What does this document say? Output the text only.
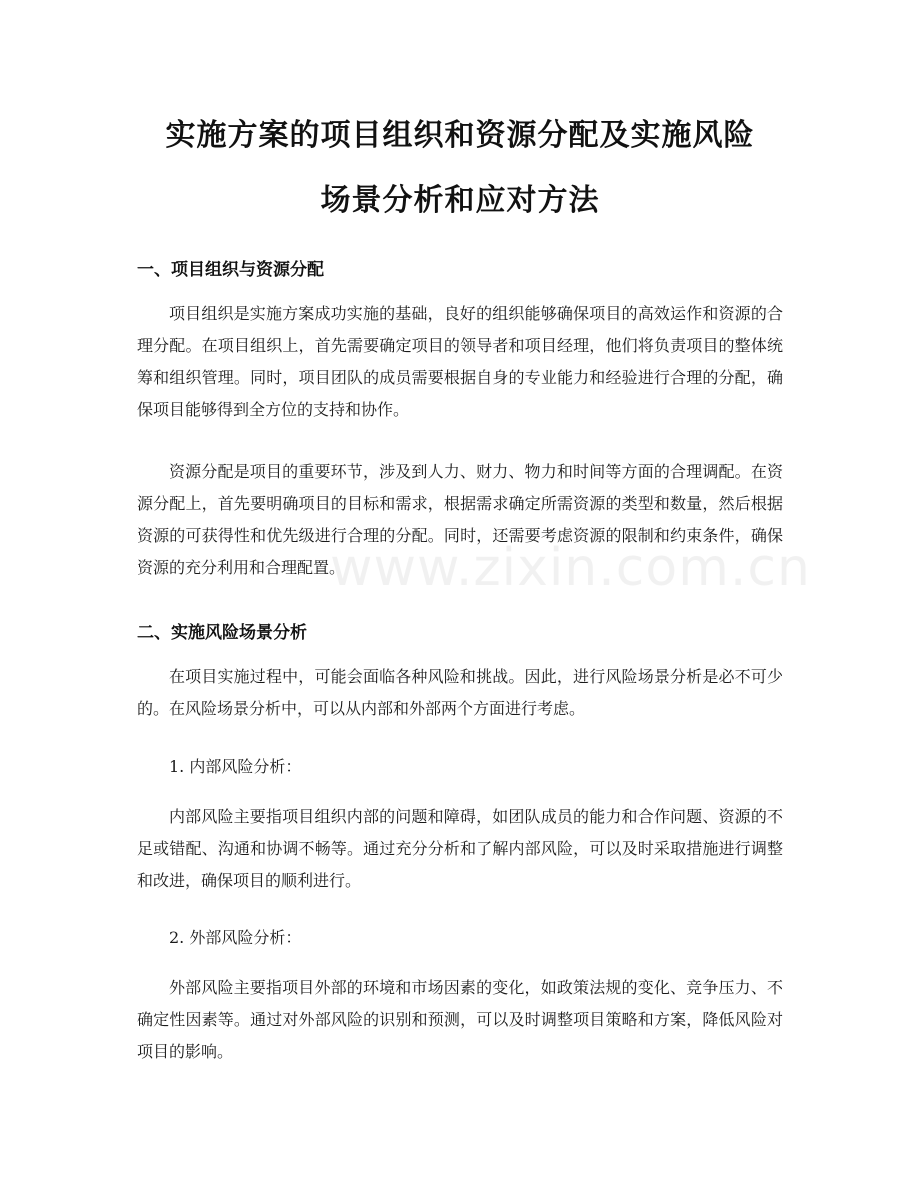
实施方案的项目组织和资源分配及实施风险
场景分析和应对方法
一、项目组织与资源分配

项目组织是实施方案成功实施的基础，良好的组织能够确保项目的高效运作和资源的合理分配。在项目组织上，首先需要确定项目的领导者和项目经理，他们将负责项目的整体统筹和组织管理。同时，项目团队的成员需要根据自身的专业能力和经验进行合理的分配，确保项目能够得到全方位的支持和协作。

资源分配是项目的重要环节，涉及到人力、财力、物力和时间等方面的合理调配。在资源分配上，首先要明确项目的目标和需求，根据需求确定所需资源的类型和数量，然后根据资源的可获得性和优先级进行合理的分配。同时，还需要考虑资源的限制和约束条件，确保资源的充分利用和合理配置。

二、实施风险场景分析

在项目实施过程中，可能会面临各种风险和挑战。因此，进行风险场景分析是必不可少的。在风险场景分析中，可以从内部和外部两个方面进行考虑。

1. 内部风险分析：

内部风险主要指项目组织内部的问题和障碍，如团队成员的能力和合作问题、资源的不足或错配、沟通和协调不畅等。通过充分分析和了解内部风险，可以及时采取措施进行调整和改进，确保项目的顺利进行。

2. 外部风险分析：

外部风险主要指项目外部的环境和市场因素的变化，如政策法规的变化、竞争压力、不确定性因素等。通过对外部风险的识别和预测，可以及时调整项目策略和方案，降低风险对项目的影响。

www.zixin.com.cn
